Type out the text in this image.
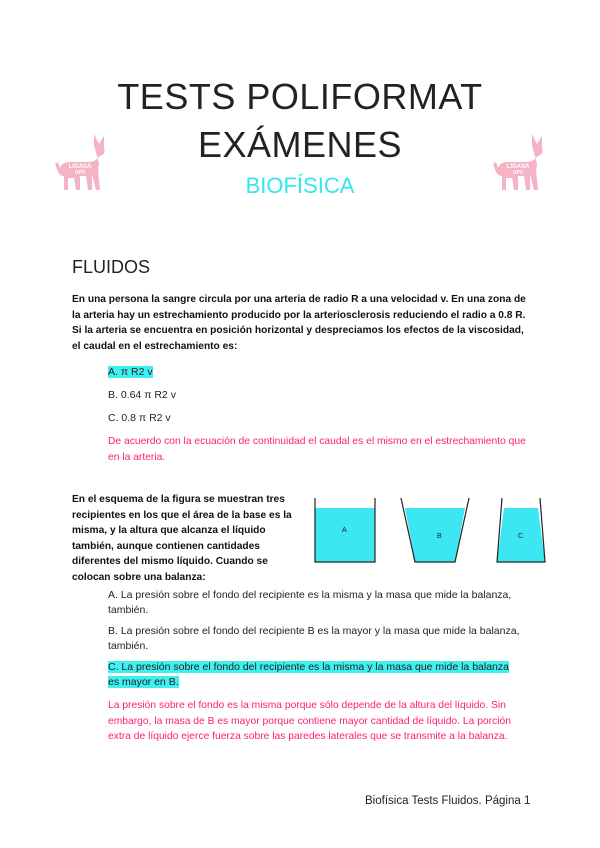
TESTS POLIFORMAT
EXÁMENES
BIOFÍSICA
LIGASA
UPV
LIGASA
UPV
FLUIDOS
En una persona la sangre circula por una arteria de radio R a una velocidad v. En una zona de la arteria hay un estrechamiento producido por la arteriosclerosis reduciendo el radio a 0.8 R. Si la arteria se encuentra en posición horizontal y despreciamos los efectos de la viscosidad, el caudal en el estrechamiento es:
A. π R2 v
B. 0.64 π R2 v
C. 0.8 π R2 v
De acuerdo con la ecuación de continuidad el caudal es el mismo en el estrechamiento que en la arteria.
En el esquema de la figura se muestran tres recipientes en los que el área de la base es la misma, y la altura que alcanza el líquido también, aunque contienen cantidades diferentes del mismo líquido. Cuando se colocan sobre una balanza:
A
B	C
A. La presión sobre el fondo del recipiente es la misma y la masa que mide la balanza, también.
B. La presión sobre el fondo del recipiente B es la mayor y la masa que mide la balanza, también.
C. La presión sobre el fondo del recipiente es la misma y la masa que mide la balanza es mayor en B.
La presión sobre el fondo es la misma porque sólo depende de la altura del líquido. Sin embargo, la masa de B es mayor porque contiene mayor cantidad de líquido. La porción extra de líquido ejerce fuerza sobre las paredes laterales que se transmite a la balanza.
Biofísica Tests Fluidos. Página 1
